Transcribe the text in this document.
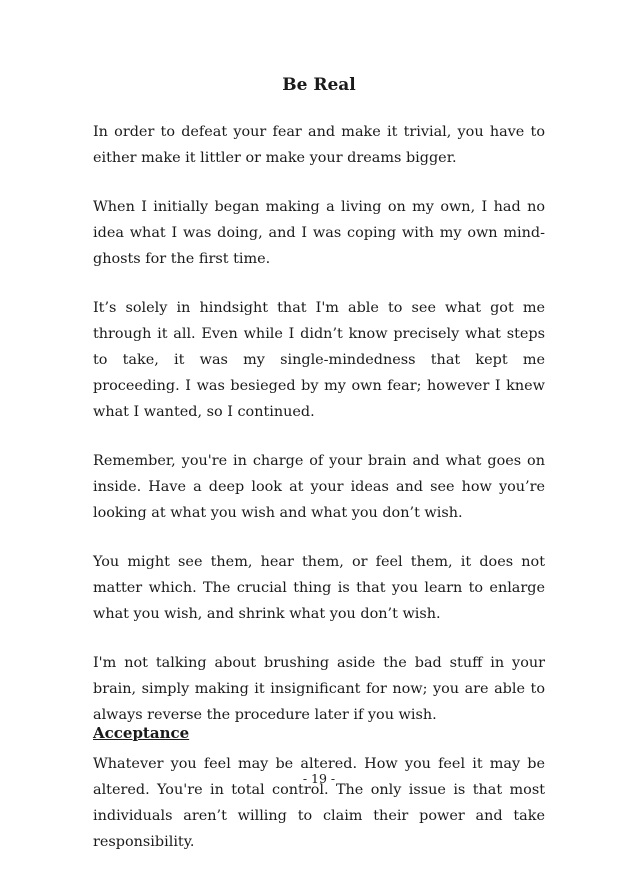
Be Real

In order to defeat your fear and make it trivial, you have to either make it littler or make your dreams bigger.

When I initially began making a living on my own, I had no idea what I was doing, and I was coping with my own mind-ghosts for the first time.

It’s solely in hindsight that I'm able to see what got me through it all. Even while I didn’t know precisely what steps to take, it was my single-mindedness that kept me proceeding. I was besieged by my own fear; however I knew what I wanted, so I continued.

Remember, you're in charge of your brain and what goes on inside. Have a deep look at your ideas and see how you’re looking at what you wish and what you don’t wish.

You might see them, hear them, or feel them, it does not matter which. The crucial thing is that you learn to enlarge what you wish, and shrink what you don’t wish.

I'm not talking about brushing aside the bad stuff in your brain, simply making it insignificant for now; you are able to always reverse the procedure later if you wish.

Whatever you feel may be altered. How you feel it may be altered. You're in total control. The only issue is that most individuals aren’t willing to claim their power and take responsibility.

Acceptance

- 19 -
